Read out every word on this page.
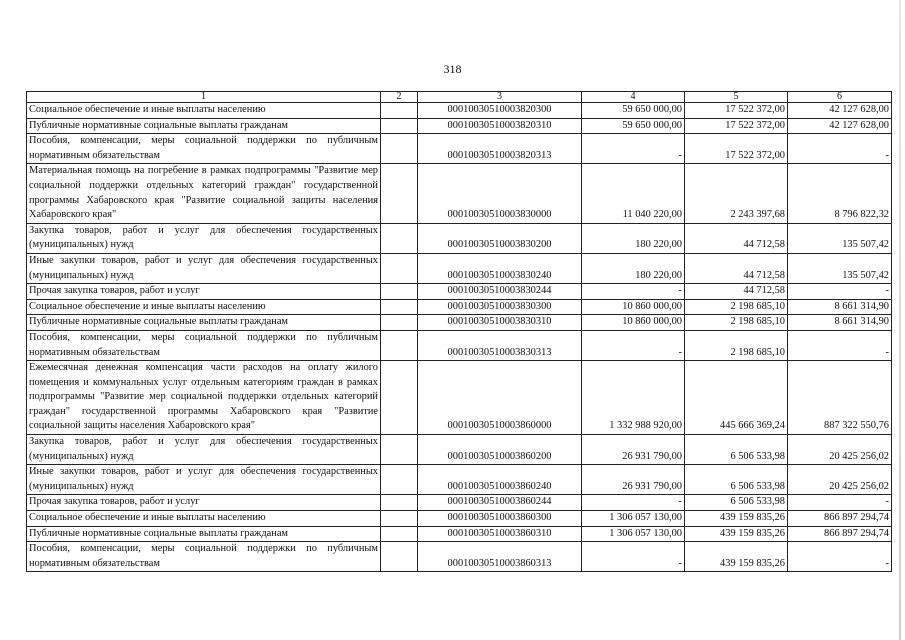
318
1	2	3	4	5	6
Социальное обеспечение и иные выплаты населению		00010030510003820300	59 650 000,00	17 522 372,00	42 127 628,00
Публичные нормативные социальные выплаты гражданам		00010030510003820310	59 650 000,00	17 522 372,00	42 127 628,00
Пособия, компенсации, меры социальной поддержки по публичным нормативным обязательствам		00010030510003820313	-	17 522 372,00	-
Материальная помощь на погребение в рамках подпрограммы "Развитие мер социальной поддержки отдельных категорий граждан" государственной программы Хабаровского края "Развитие социальной защиты населения Хабаровского края"		00010030510003830000	11 040 220,00	2 243 397,68	8 796 822,32
Закупка товаров, работ и услуг для обеспечения государственных (муниципальных) нужд		00010030510003830200	180 220,00	44 712,58	135 507,42
Иные закупки товаров, работ и услуг для обеспечения государственных (муниципальных) нужд		00010030510003830240	180 220,00	44 712,58	135 507,42
Прочая закупка товаров, работ и услуг		00010030510003830244	-	44 712,58	-
Социальное обеспечение и иные выплаты населению		00010030510003830300	10 860 000,00	2 198 685,10	8 661 314,90
Публичные нормативные социальные выплаты гражданам		00010030510003830310	10 860 000,00	2 198 685,10	8 661 314,90
Пособия, компенсации, меры социальной поддержки по публичным нормативным обязательствам		00010030510003830313	-	2 198 685,10	-
Ежемесячная денежная компенсация части расходов на оплату жилого помещения и коммунальных услуг отдельным категориям граждан в рамках подпрограммы "Развитие мер социальной поддержки отдельных категорий граждан" государственной программы Хабаровского края "Развитие социальной защиты населения Хабаровского края"		00010030510003860000	1 332 988 920,00	445 666 369,24	887 322 550,76
Закупка товаров, работ и услуг для обеспечения государственных (муниципальных) нужд		00010030510003860200	26 931 790,00	6 506 533,98	20 425 256,02
Иные закупки товаров, работ и услуг для обеспечения государственных (муниципальных) нужд		00010030510003860240	26 931 790,00	6 506 533,98	20 425 256,02
Прочая закупка товаров, работ и услуг		00010030510003860244	-	6 506 533,98	-
Социальное обеспечение и иные выплаты населению		00010030510003860300	1 306 057 130,00	439 159 835,26	866 897 294,74
Публичные нормативные социальные выплаты гражданам		00010030510003860310	1 306 057 130,00	439 159 835,26	866 897 294,74
Пособия, компенсации, меры социальной поддержки по публичным нормативным обязательствам		00010030510003860313	-	439 159 835,26	-
